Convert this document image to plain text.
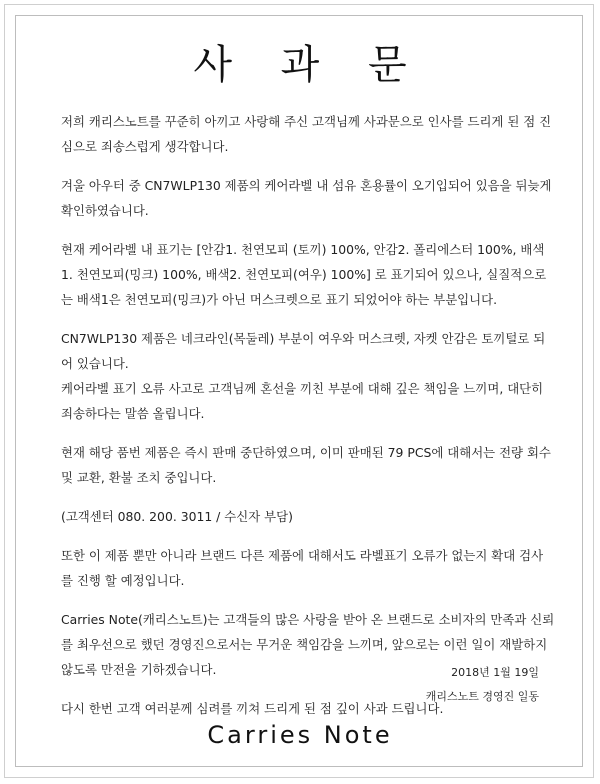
사 과 문

저희 캐리스노트를 꾸준히 아끼고 사랑해 주신 고객님께 사과문으로 인사를 드리게 된 점 진심으로 죄송스럽게 생각합니다.

겨울 아우터 중 CN7WLP130 제품의 케어라벨 내 섬유 혼용률이 오기입되어 있음을 뒤늦게 확인하였습니다.

현재 케어라벨 내 표기는 [안감1. 천연모피 (토끼) 100%, 안감2. 폴리에스터 100%, 배색1. 천연모피(밍크) 100%, 배색2. 천연모피(여우) 100%] 로 표기되어 있으나, 실질적으로는 배색1은 천연모피(밍크)가 아닌 머스크렛으로 표기 되었어야 하는 부분입니다.

CN7WLP130 제품은 네크라인(목둘레) 부분이 여우와 머스크렛, 자켓 안감은 토끼털로 되어 있습니다.

케어라벨 표기 오류 사고로 고객님께 혼선을 끼친 부분에 대해 깊은 책임을 느끼며, 대단히 죄송하다는 말씀 올립니다.

현재 해당 품번 제품은 즉시 판매 중단하였으며, 이미 판매된 79 PCS에 대해서는 전량 회수 및 교환, 환불 조치 중입니다.

(고객센터 080. 200. 3011 / 수신자 부담)

또한 이 제품 뿐만 아니라 브랜드 다른 제품에 대해서도 라벨표기 오류가 없는지 확대 검사를 진행 할 예정입니다.

Carries Note(캐리스노트)는 고객들의 많은 사랑을 받아 온 브랜드로 소비자의 만족과 신뢰를 최우선으로 했던 경영진으로서는 무거운 책임감을 느끼며, 앞으로는 이런 일이 재발하지 않도록 만전을 기하겠습니다.

다시 한번 고객 여러분께 심려를 끼쳐 드리게 된 점 깊이 사과 드립니다.

2018년 1월 19일
캐리스노트 경영진 일동
Carries Note
